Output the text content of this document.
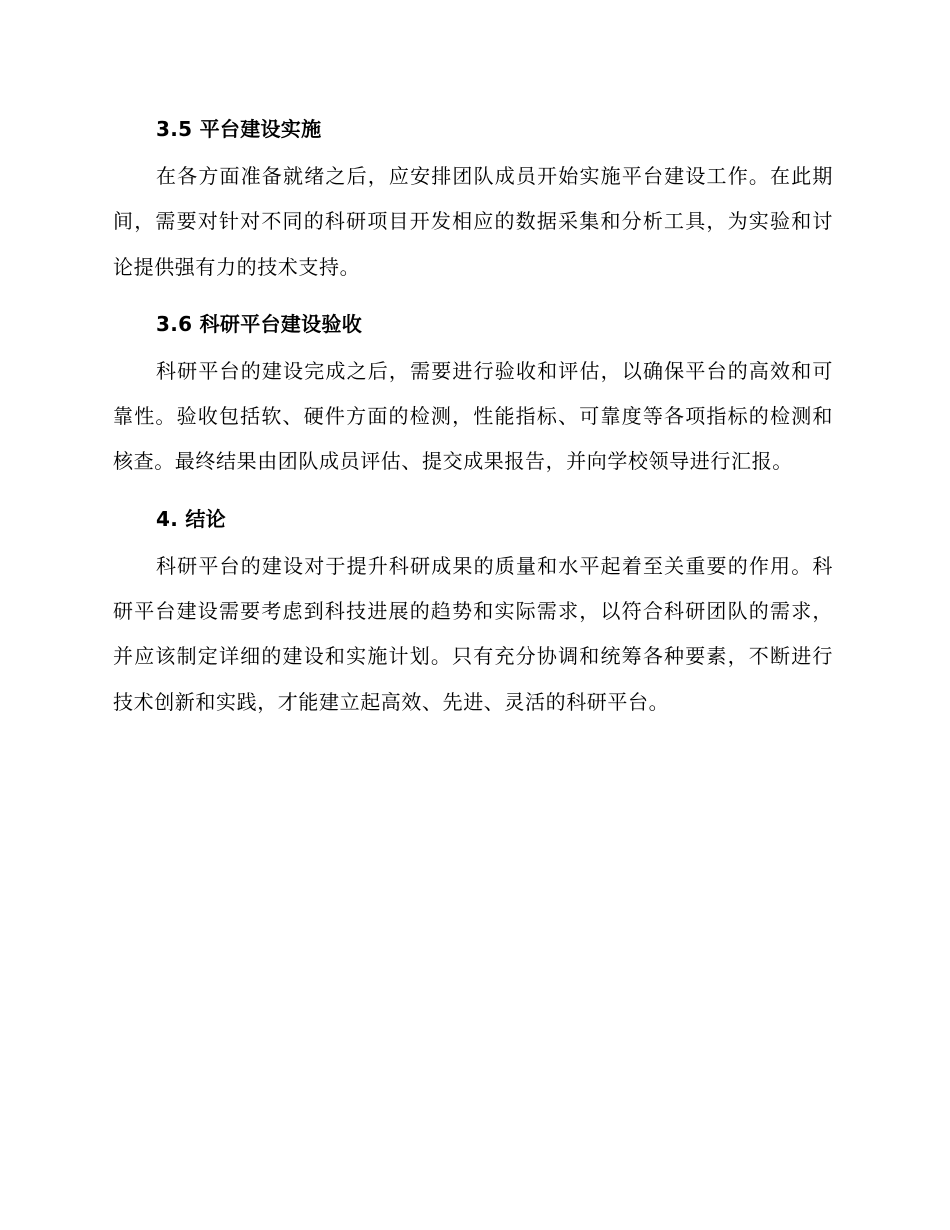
3.5 平台建设实施

在各方面准备就绪之后，应安排团队成员开始实施平台建设工作。在此期间，需要对针对不同的科研项目开发相应的数据采集和分析工具，为实验和讨论提供强有力的技术支持。

3.6 科研平台建设验收

科研平台的建设完成之后，需要进行验收和评估，以确保平台的高效和可靠性。验收包括软、硬件方面的检测，性能指标、可靠度等各项指标的检测和核查。最终结果由团队成员评估、提交成果报告，并向学校领导进行汇报。

4. 结论

科研平台的建设对于提升科研成果的质量和水平起着至关重要的作用。科研平台建设需要考虑到科技进展的趋势和实际需求，以符合科研团队的需求，并应该制定详细的建设和实施计划。只有充分协调和统筹各种要素，不断进行技术创新和实践，才能建立起高效、先进、灵活的科研平台。
